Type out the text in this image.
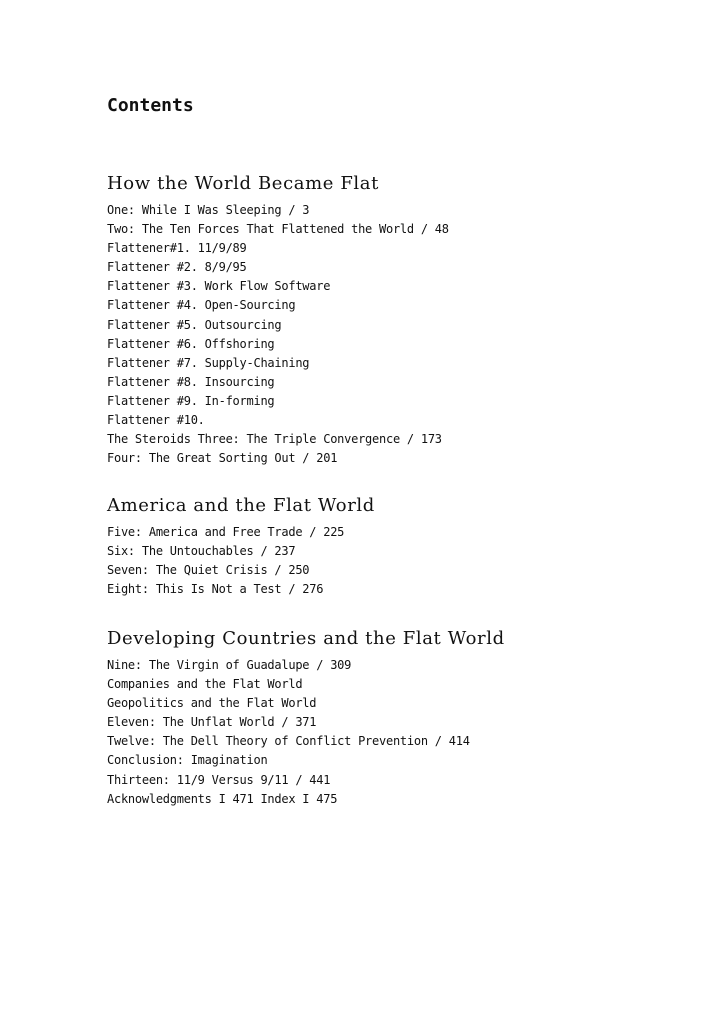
Contents
How the World Became Flat
One: While I Was Sleeping / 3
Two: The Ten Forces That Flattened the World / 48
Flattener#1. 11/9/89
Flattener #2. 8/9/95
Flattener #3. Work Flow Software
Flattener #4. Open-Sourcing
Flattener #5. Outsourcing
Flattener #6. Offshoring
Flattener #7. Supply-Chaining
Flattener #8. Insourcing
Flattener #9. In-forming
Flattener #10.
The Steroids Three: The Triple Convergence / 173
Four: The Great Sorting Out / 201
America and the Flat World
Five: America and Free Trade / 225
Six: The Untouchables / 237
Seven: The Quiet Crisis / 250
Eight: This Is Not a Test / 276
Developing Countries and the Flat World
Nine: The Virgin of Guadalupe / 309
Companies and the Flat World
Geopolitics and the Flat World
Eleven: The Unflat World / 371
Twelve: The Dell Theory of Conflict Prevention / 414
Conclusion: Imagination
Thirteen: 11/9 Versus 9/11 / 441
Acknowledgments I 471 Index I 475
